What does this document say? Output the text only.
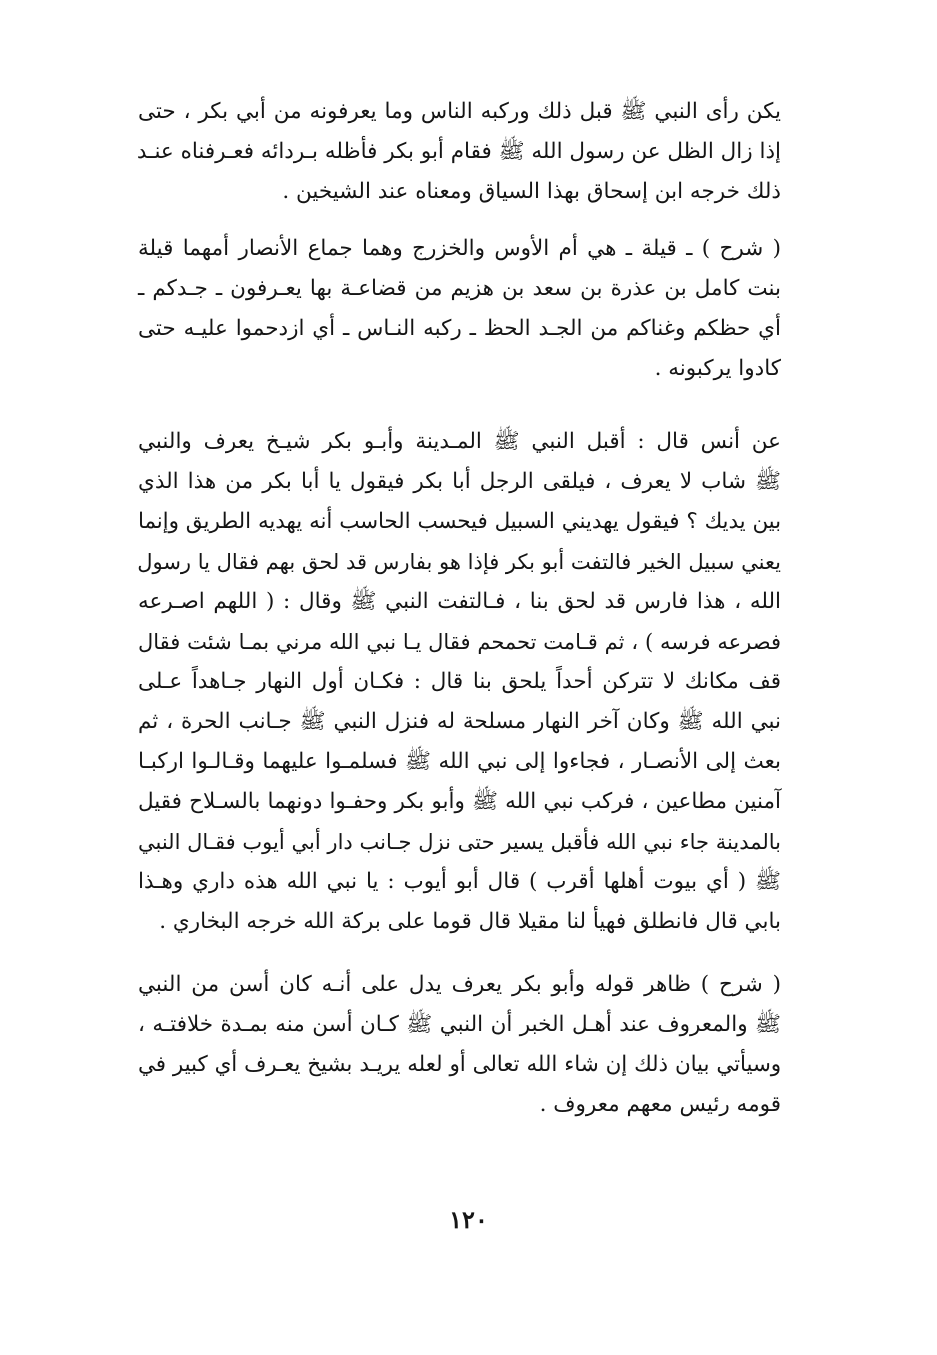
يكن رأى النبي ﷺ قبل ذلك وركبه الناس وما يعرفونه من أبي بكر ، حتى
إذا زال الظل عن رسول الله ﷺ فقام أبو بكر فأظله بـردائه فعـرفناه عنـد
ذلك خرجه ابن إسحاق بهذا السياق ومعناه عند الشيخين .
( شرح ) ـ قيلة ـ هي أم الأوس والخزرج وهما جماع الأنصار أمهما قيلة
بنت كامل بن عذرة بن سعد بن هزيم من قضاعـة بها يعـرفون ـ جـدكم ـ
أي حظكم وغناكم من الجـد الحظ ـ ركبه النـاس ـ أي ازدحموا عليـه حتى
كادوا يركبونه .
عن أنس قال : أقبل النبي ﷺ المـدينة وأبـو بكر شيـخ يعرف والنبي
ﷺ شاب لا يعرف ، فيلقى الرجل أبا بكر فيقول يا أبا بكر من هذا الذي
بين يديك ؟ فيقول يهديني السبيل فيحسب الحاسب أنه يهديه الطريق وإنما
يعني سبيل الخير فالتفت أبو بكر فإذا هو بفارس قد لحق بهم فقال يا رسول
الله ، هذا فارس قد لحق بنا ، فـالتفت النبي ﷺ وقال : ( اللهم اصـرعه
فصرعه فرسه ) ، ثم قـامت تحمحم فقال يـا نبي الله مرني بمـا شئت فقال
قف مكانك لا تتركن أحداً يلحق بنا قال : فكـان أول النهار جـاهداً عـلى
نبي الله ﷺ وكان آخر النهار مسلحة له فنزل النبي ﷺ جـانب الحرة ، ثم
بعث إلى الأنصـار ، فجاءوا إلى نبي الله ﷺ فسلمـوا عليهما وقـالـوا اركبـا
آمنين مطاعين ، فركب نبي الله ﷺ وأبو بكر وحفـوا دونهما بالسـلاح فقيل
بالمدينة جاء نبي الله فأقبل يسير حتى نزل جـانب دار أبي أيوب فقـال النبي
ﷺ ( أي بيوت أهلها أقرب ) قال أبو أيوب : يا نبي الله هذه داري وهـذا
بابي قال فانطلق فهيأ لنا مقيلا قال قوما على بركة الله خرجه البخاري .
( شرح ) ظاهر قوله وأبو بكر يعرف يدل على أنـه كان أسن من النبي
ﷺ والمعروف عند أهـل الخبر أن النبي ﷺ كـان أسن منه بمـدة خلافتـه ،
وسيأتي بيان ذلك إن شاء الله تعالى أو لعله يريـد بشيخ يعـرف أي كبير في
قومه رئيس معهم معروف .
١٢٠
